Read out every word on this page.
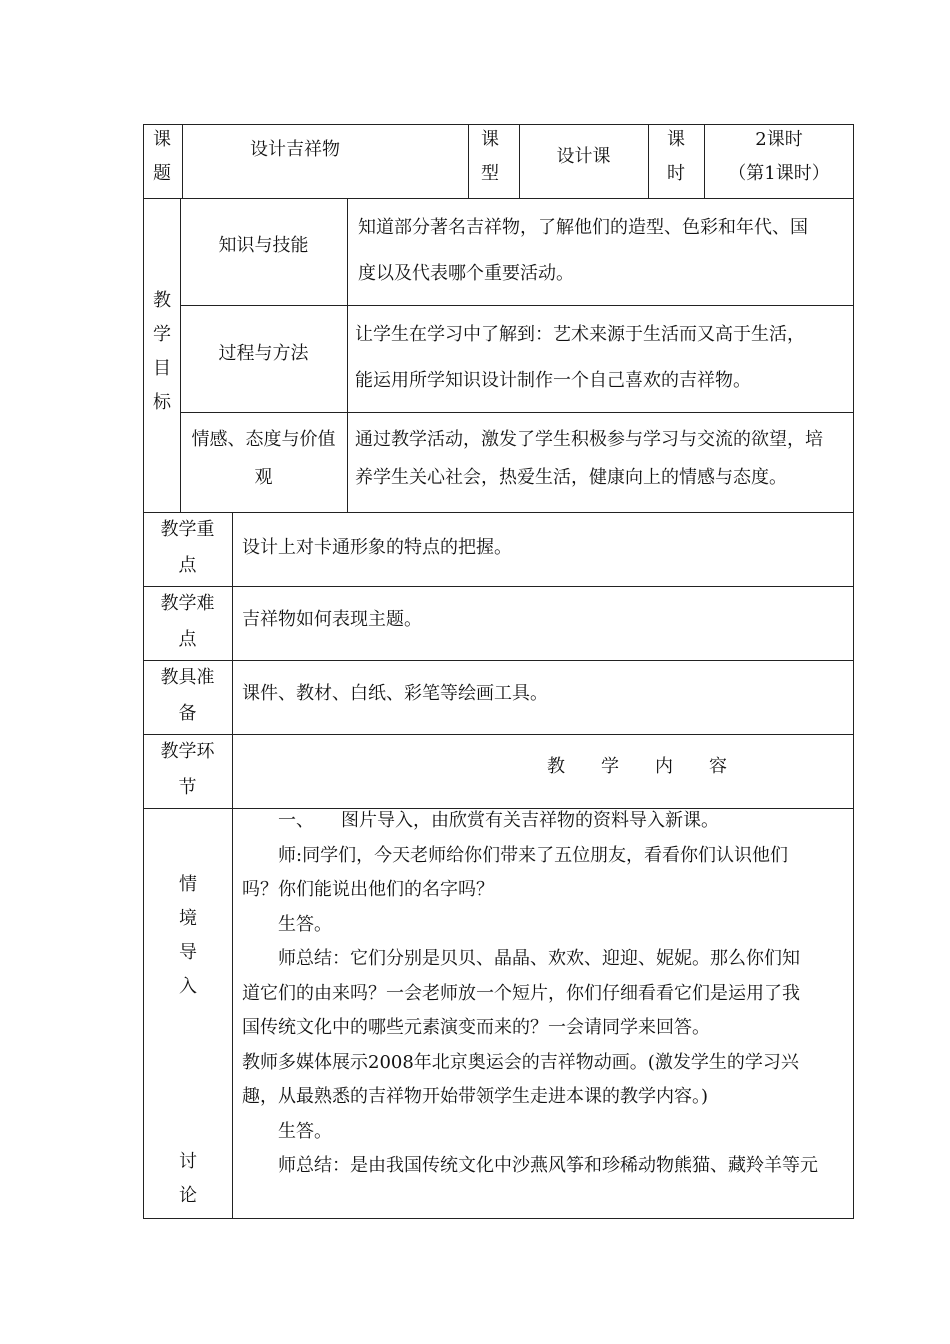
课
题
设计吉祥物	课
型
设计课
课
时
2课时
（第1课时）
教
学
目
标
知识与技能

知道部分著名吉祥物，了解他们的造型、色彩和年代、国

度以及代表哪个重要活动。

过程与方法

让学生在学习中了解到：艺术来源于生活而又高于生活，

能运用所学知识设计制作一个自己喜欢的吉祥物。

情感、态度与价值

观

通过教学活动，激发了学生积极参与学习与交流的欲望，培

养学生关心社会，热爱生活，健康向上的情感与态度。

教学重

点

设计上对卡通形象的特点的把握。

教学难

点

吉祥物如何表现主题。

教具准

备

课件、教材、白纸、彩笔等绘画工具。

教学环

节

教　　学　　内　　容
情
境
导
入
讨
论

　　一、　　图片导入，由欣赏有关吉祥物的资料导入新课。

　　师:同学们，今天老师给你们带来了五位朋友，看看你们认识他们

吗？你们能说出他们的名字吗？

　　生答。

　　师总结：它们分别是贝贝、晶晶、欢欢、迎迎、妮妮。那么你们知

道它们的由来吗？一会老师放一个短片，你们仔细看看它们是运用了我

国传统文化中的哪些元素演变而来的？一会请同学来回答。

教师多媒体展示2008年北京奥运会的吉祥物动画。(激发学生的学习兴

趣，从最熟悉的吉祥物开始带领学生走进本课的教学内容。)

　　生答。

　　师总结：是由我国传统文化中沙燕风筝和珍稀动物熊猫、藏羚羊等元
